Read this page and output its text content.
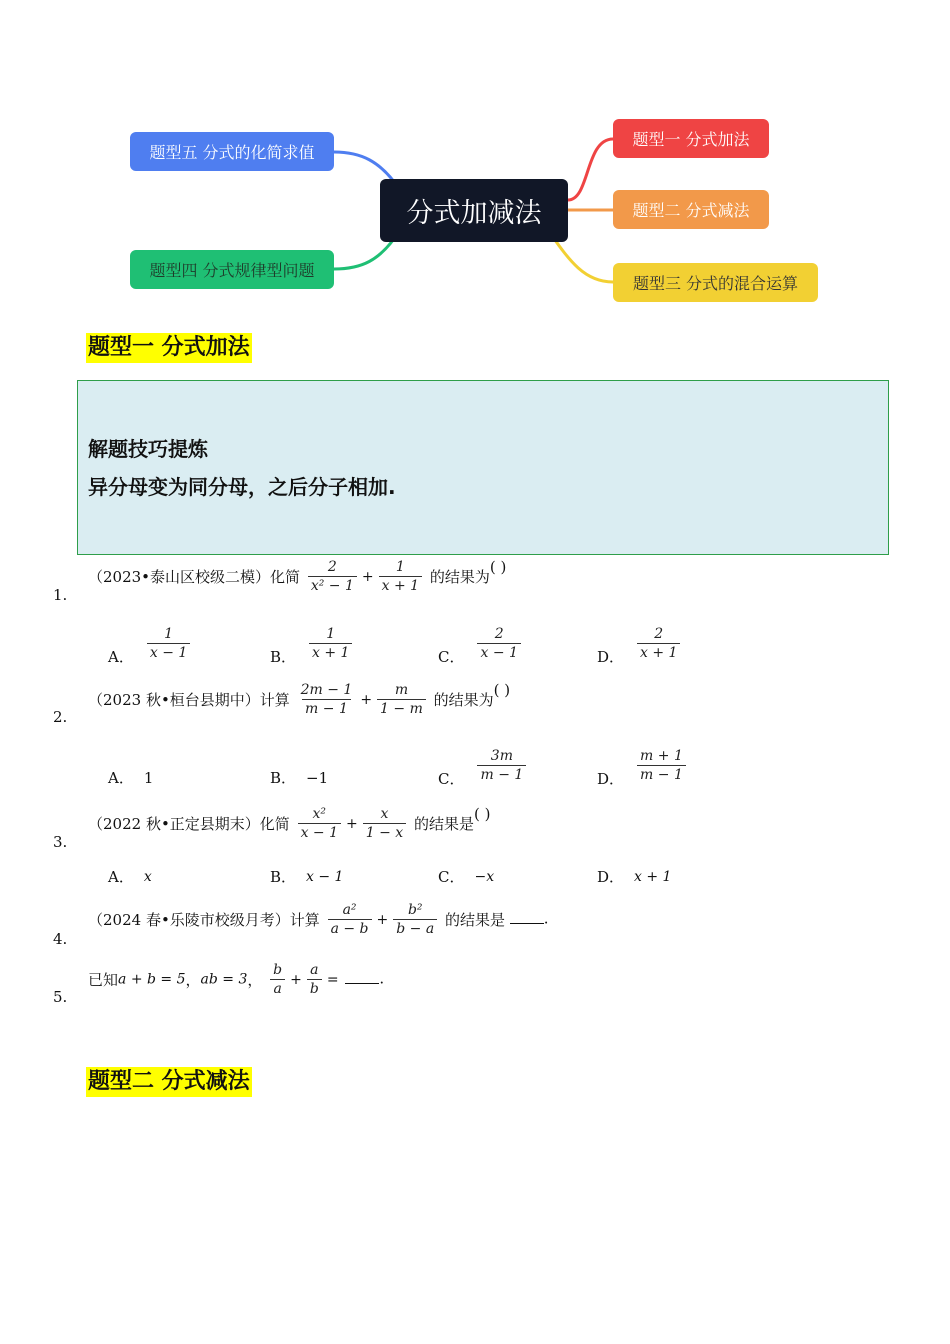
分式加减法
题型一 分式加法
题型二 分式减法
题型三 分式的混合运算
题型四 分式规律型问题
题型五 分式的化简求值
题型一 分式加法
解题技巧提炼
异分母变为同分母，之后分子相加.
1.
（2023•泰山区校级二模）化简 $\frac{2}{\text{x² − 1}} + \frac{1}{x + 1}$ 的结果为( )
A． $\frac{1}{x - 1}$	B． $\frac{1}{x + 1}$	C． $\frac{2}{x - 1}$	D． $\frac{2}{x + 1}$
2.
（2023 秋•桓台县期中）计算 $\frac{2m - 1}{m - 1} + \frac{m}{1 - m}$ 的结果为( )
A． 1	B． −1	C． $\frac{3m}{m - 1}$	D． $\frac{m + 1}{m - 1}$
3.
（2022 秋•正定县期末）化简 $\frac{\text{x²}}{x - 1} + \frac{x}{1 - x}$ 的结果是( )
A． x	B． x − 1	C． −x	D． x + 1
4.
（2024 春•乐陵市校级月考）计算 $\frac{\text{a²}}{a - b} + \frac{\text{b²}}{b - a}$ 的结果是	.
5.
已知a + b = 5，ab = 3， $\frac{b}{a} + \frac{a}{b}$ =	.
题型二 分式减法
